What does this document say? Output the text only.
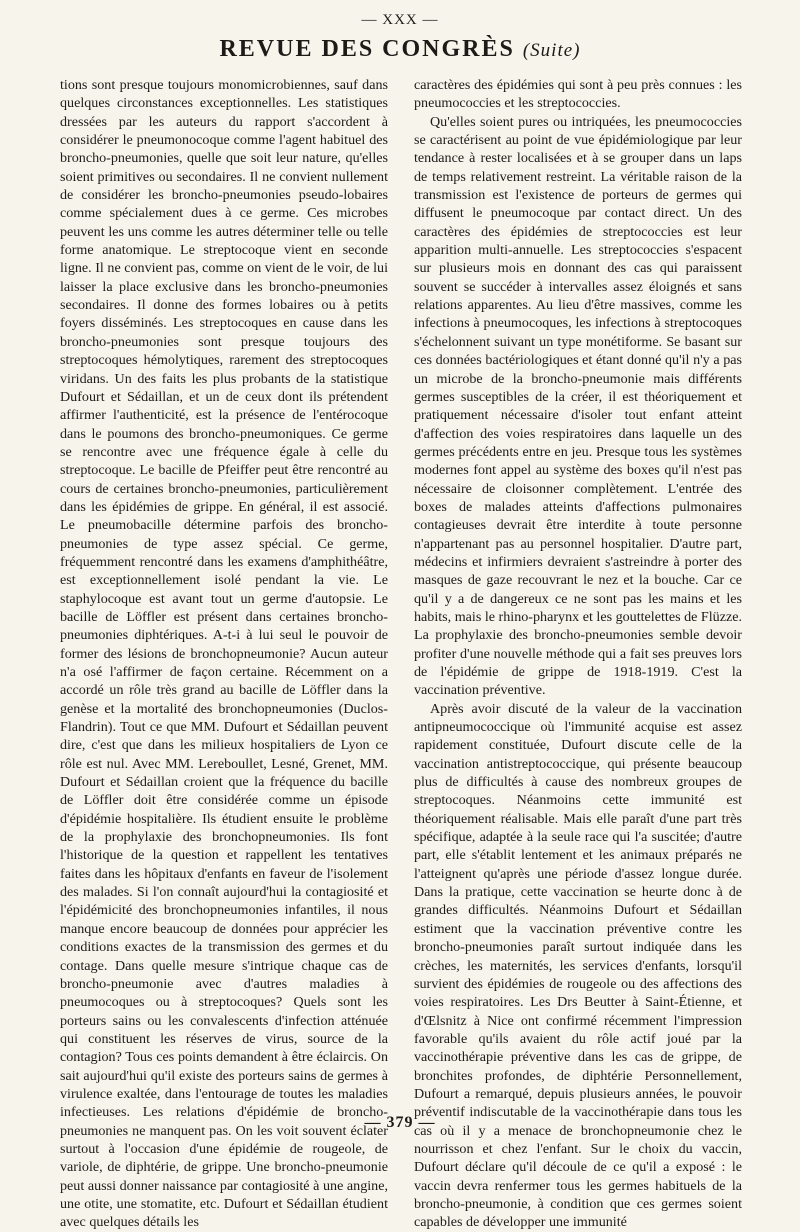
— XXX —
REVUE DES CONGRÈS (Suite)

tions sont presque toujours monomicrobiennes, sauf dans quelques circonstances exceptionnelles. Les statistiques dressées par les auteurs du rapport s'accordent à considérer le pneumonocoque comme l'agent habituel des broncho-pneumonies, quelle que soit leur nature, qu'elles soient primitives ou secondaires. Il ne convient nullement de considérer les broncho-pneumonies pseudo-lobaires comme spécialement dues à ce germe. Ces microbes peuvent les uns comme les autres déterminer telle ou telle forme anatomique. Le streptocoque vient en seconde ligne. Il ne convient pas, comme on vient de le voir, de lui laisser la place exclusive dans les broncho-pneumonies secondaires. Il donne des formes lobaires ou à petits foyers disséminés. Les streptocoques en cause dans les broncho-pneumonies sont presque toujours des streptocoques hémolytiques, rarement des streptocoques viridans. Un des faits les plus probants de la statistique Dufourt et Sédaillan, et un de ceux dont ils prétendent affirmer l'authenticité, est la présence de l'entérocoque dans le poumons des broncho-pneumoniques. Ce germe se rencontre avec une fréquence égale à celle du streptocoque. Le bacille de Pfeiffer peut être rencontré au cours de certaines broncho-pneumonies, particulièrement dans les épidémies de grippe. En général, il est associé. Le pneumobacille détermine parfois des broncho-pneumonies de type assez spécial. Ce germe, fréquemment rencontré dans les examens d'amphithéâtre, est exceptionnellement isolé pendant la vie. Le staphylocoque est avant tout un germe d'autopsie. Le bacille de Löffler est présent dans certaines broncho-pneumonies diphtériques. A-t-i à lui seul le pouvoir de former des lésions de bronchopneumonie? Aucun auteur n'a osé l'affirmer de façon certaine. Récemment on a accordé un rôle très grand au bacille de Löffler dans la genèse et la mortalité des bronchopneumonies (Duclos-Flandrin). Tout ce que MM. Dufourt et Sédaillan peuvent dire, c'est que dans les milieux hospitaliers de Lyon ce rôle est nul. Avec MM. Lereboullet, Lesné, Grenet, MM. Dufourt et Sédaillan croient que la fréquence du bacille de Löffler doit être considérée comme un épisode d'épidémie hospitalière. Ils étudient ensuite le problème de la prophylaxie des bronchopneumonies. Ils font l'historique de la question et rappellent les tentatives faites dans les hôpitaux d'enfants en faveur de l'isolement des malades. Si l'on connaît aujourd'hui la contagiosité et l'épidémicité des bronchopneumonies infantiles, il nous manque encore beaucoup de données pour apprécier les conditions exactes de la transmission des germes et du contage. Dans quelle mesure s'intrique chaque cas de broncho-pneumonie avec d'autres maladies à pneumocoques ou à streptocoques? Quels sont les porteurs sains ou les convalescents d'infection atténuée qui constituent les réserves de virus, source de la contagion? Tous ces points demandent à être éclaircis. On sait aujourd'hui qu'il existe des porteurs sains de germes à virulence exaltée, dans l'entourage de toutes les maladies infectieuses. Les relations d'épidémie de broncho-pneumonies ne manquent pas. On les voit souvent éclater surtout à l'occasion d'une épidémie de rougeole, de variole, de diphtérie, de grippe. Une broncho-pneumonie peut aussi donner naissance par contagiosité à une angine, une otite, une stomatite, etc. Dufourt et Sédaillan étudient avec quelques détails les

caractères des épidémies qui sont à peu près connues : les pneumococcies et les streptococcies.

Qu'elles soient pures ou intriquées, les pneumococcies se caractérisent au point de vue épidémiologique par leur tendance à rester localisées et à se grouper dans un laps de temps relativement restreint. La véritable raison de la transmission est l'existence de porteurs de germes qui diffusent le pneumocoque par contact direct. Un des caractères des épidémies de streptococcies est leur apparition multi-annuelle. Les streptococcies s'espacent sur plusieurs mois en donnant des cas qui paraissent souvent se succéder à intervalles assez éloignés et sans relations apparentes. Au lieu d'être massives, comme les infections à pneumocoques, les infections à streptocoques s'échelonnent suivant un type monétiforme. Se basant sur ces données bactériologiques et étant donné qu'il n'y a pas un microbe de la broncho-pneumonie mais différents germes susceptibles de la créer, il est théoriquement et pratiquement nécessaire d'isoler tout enfant atteint d'affection des voies respiratoires dans laquelle un des germes précédents entre en jeu. Presque tous les systèmes modernes font appel au système des boxes qu'il n'est pas nécessaire de cloisonner complètement. L'entrée des boxes de malades atteints d'affections pulmonaires contagieuses devrait être interdite à toute personne n'appartenant pas au personnel hospitalier. D'autre part, médecins et infirmiers devraient s'astreindre à porter des masques de gaze recouvrant le nez et la bouche. Car ce qu'il y a de dangereux ce ne sont pas les mains et les habits, mais le rhino-pharynx et les gouttelettes de Flüzze. La prophylaxie des broncho-pneumonies semble devoir profiter d'une nouvelle méthode qui a fait ses preuves lors de l'épidémie de grippe de 1918-1919. C'est la vaccination préventive.

Après avoir discuté de la valeur de la vaccination antipneumococcique où l'immunité acquise est assez rapidement constituée, Dufourt discute celle de la vaccination antistreptococcique, qui présente beaucoup plus de difficultés à cause des nombreux groupes de streptocoques. Néanmoins cette immunité est théoriquement réalisable. Mais elle paraît d'une part très spécifique, adaptée à la seule race qui l'a suscitée; d'autre part, elle s'établit lentement et les animaux préparés ne l'atteignent qu'après une période d'assez longue durée. Dans la pratique, cette vaccination se heurte donc à de grandes difficultés. Néanmoins Dufourt et Sédaillan estiment que la vaccination préventive contre les broncho-pneumonies paraît surtout indiquée dans les crèches, les maternités, les services d'enfants, lorsqu'il survient des épidémies de rougeole ou des affections des voies respiratoires. Les Drs Beutter à Saint-Étienne, et d'Œlsnitz à Nice ont confirmé récemment l'impression favorable qu'ils avaient du rôle actif joué par la vaccinothérapie préventive dans les cas de grippe, de bronchites profondes, de diphtérie Personnellement, Dufourt a remarqué, depuis plusieurs années, le pouvoir préventif indiscutable de la vaccinothérapie dans tous les cas où il y a menace de bronchopneumonie chez le nourrisson et chez l'enfant. Sur le choix du vaccin, Dufourt déclare qu'il découle de ce qu'il a exposé : le vaccin devra renfermer tous les germes habituels de la broncho-pneumonie, à condition que ces germes soient capables de développer une immunité

— 379 —
